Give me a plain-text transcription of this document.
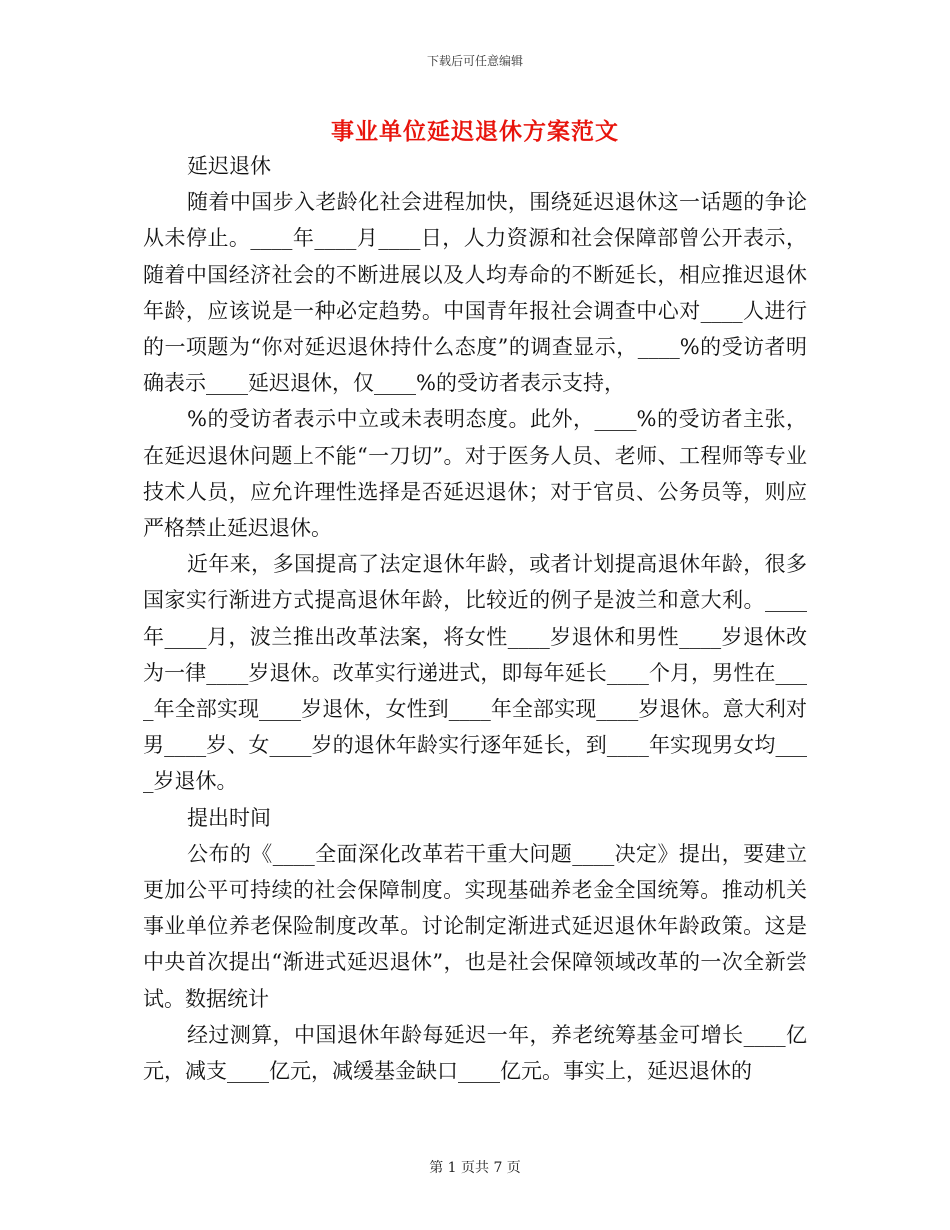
下载后可任意编辑
事业单位延迟退休方案范文

延迟退休

随着中国步入老龄化社会进程加快，围绕延迟退休这一话题的争论从未停止。____年____月____日，人力资源和社会保障部曾公开表示，随着中国经济社会的不断进展以及人均寿命的不断延长，相应推迟退休年龄，应该说是一种必定趋势。中国青年报社会调查中心对____人进行的一项题为“你对延迟退休持什么态度”的调查显示，____%的受访者明确表示____延迟退休，仅____%的受访者表示支持，

%的受访者表示中立或未表明态度。此外，____%的受访者主张，在延迟退休问题上不能“一刀切”。对于医务人员、老师、工程师等专业技术人员，应允许理性选择是否延迟退休；对于官员、公务员等，则应严格禁止延迟退休。

近年来，多国提高了法定退休年龄，或者计划提高退休年龄，很多国家实行渐进方式提高退休年龄，比较近的例子是波兰和意大利。____年____月，波兰推出改革法案，将女性____岁退休和男性____岁退休改为一律____岁退休。改革实行递进式，即每年延长____个月，男性在____年全部实现____岁退休，女性到____年全部实现____岁退休。意大利对男____岁、女____岁的退休年龄实行逐年延长，到____年实现男女均____岁退休。

提出时间

公布的《____全面深化改革若干重大问题____决定》提出，要建立更加公平可持续的社会保障制度。实现基础养老金全国统筹。推动机关事业单位养老保险制度改革。讨论制定渐进式延迟退休年龄政策。这是中央首次提出“渐进式延迟退休”，也是社会保障领域改革的一次全新尝试。数据统计

经过测算，中国退休年龄每延迟一年，养老统筹基金可增长____亿元，减支____亿元，减缓基金缺口____亿元。事实上，延迟退休的

第 1 页共 7 页
